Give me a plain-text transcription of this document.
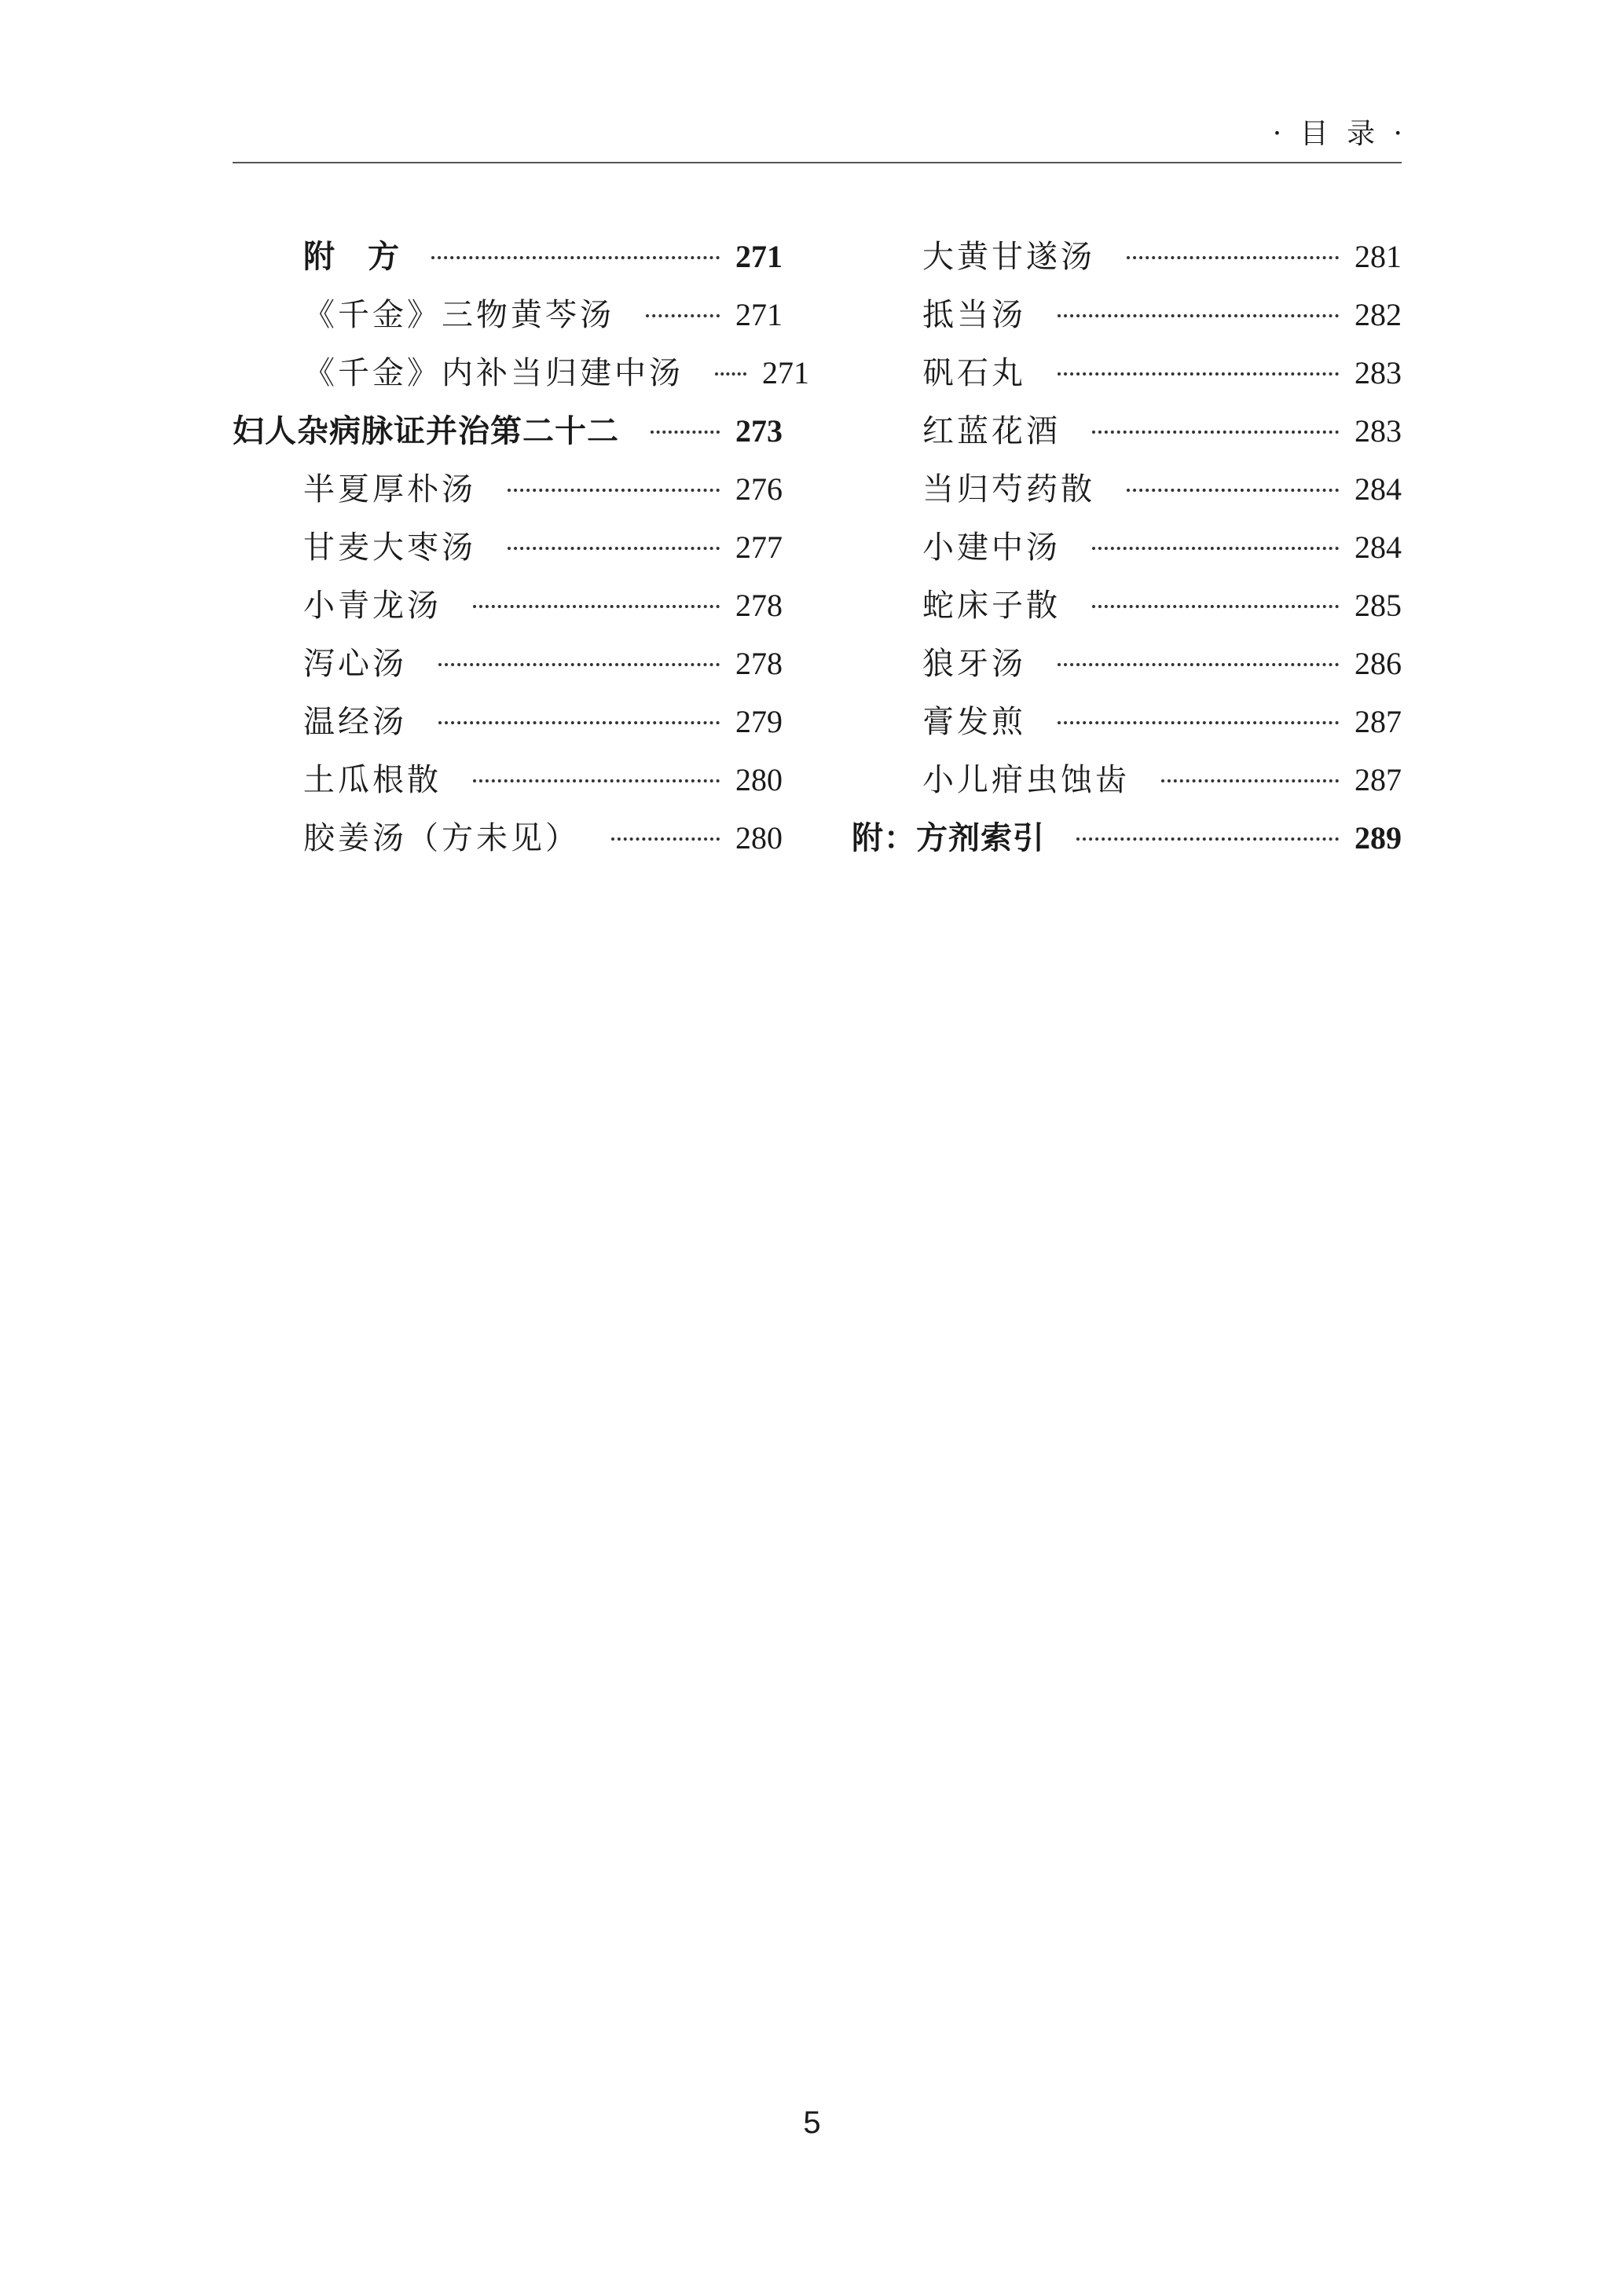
· 目 录 ·
附　方	271
《千金》三物黄芩汤	271
《千金》内补当归建中汤	271
妇人杂病脉证并治第二十二	273
半夏厚朴汤	276
甘麦大枣汤	277
小青龙汤	278
泻心汤	278
温经汤	279
土瓜根散	280
胶姜汤（方未见）	280
大黄甘遂汤	281
抵当汤	282
矾石丸	283
红蓝花酒	283
当归芍药散	284
小建中汤	284
蛇床子散	285
狼牙汤	286
膏发煎	287
小儿疳虫蚀齿	287
附：方剂索引	289
5
